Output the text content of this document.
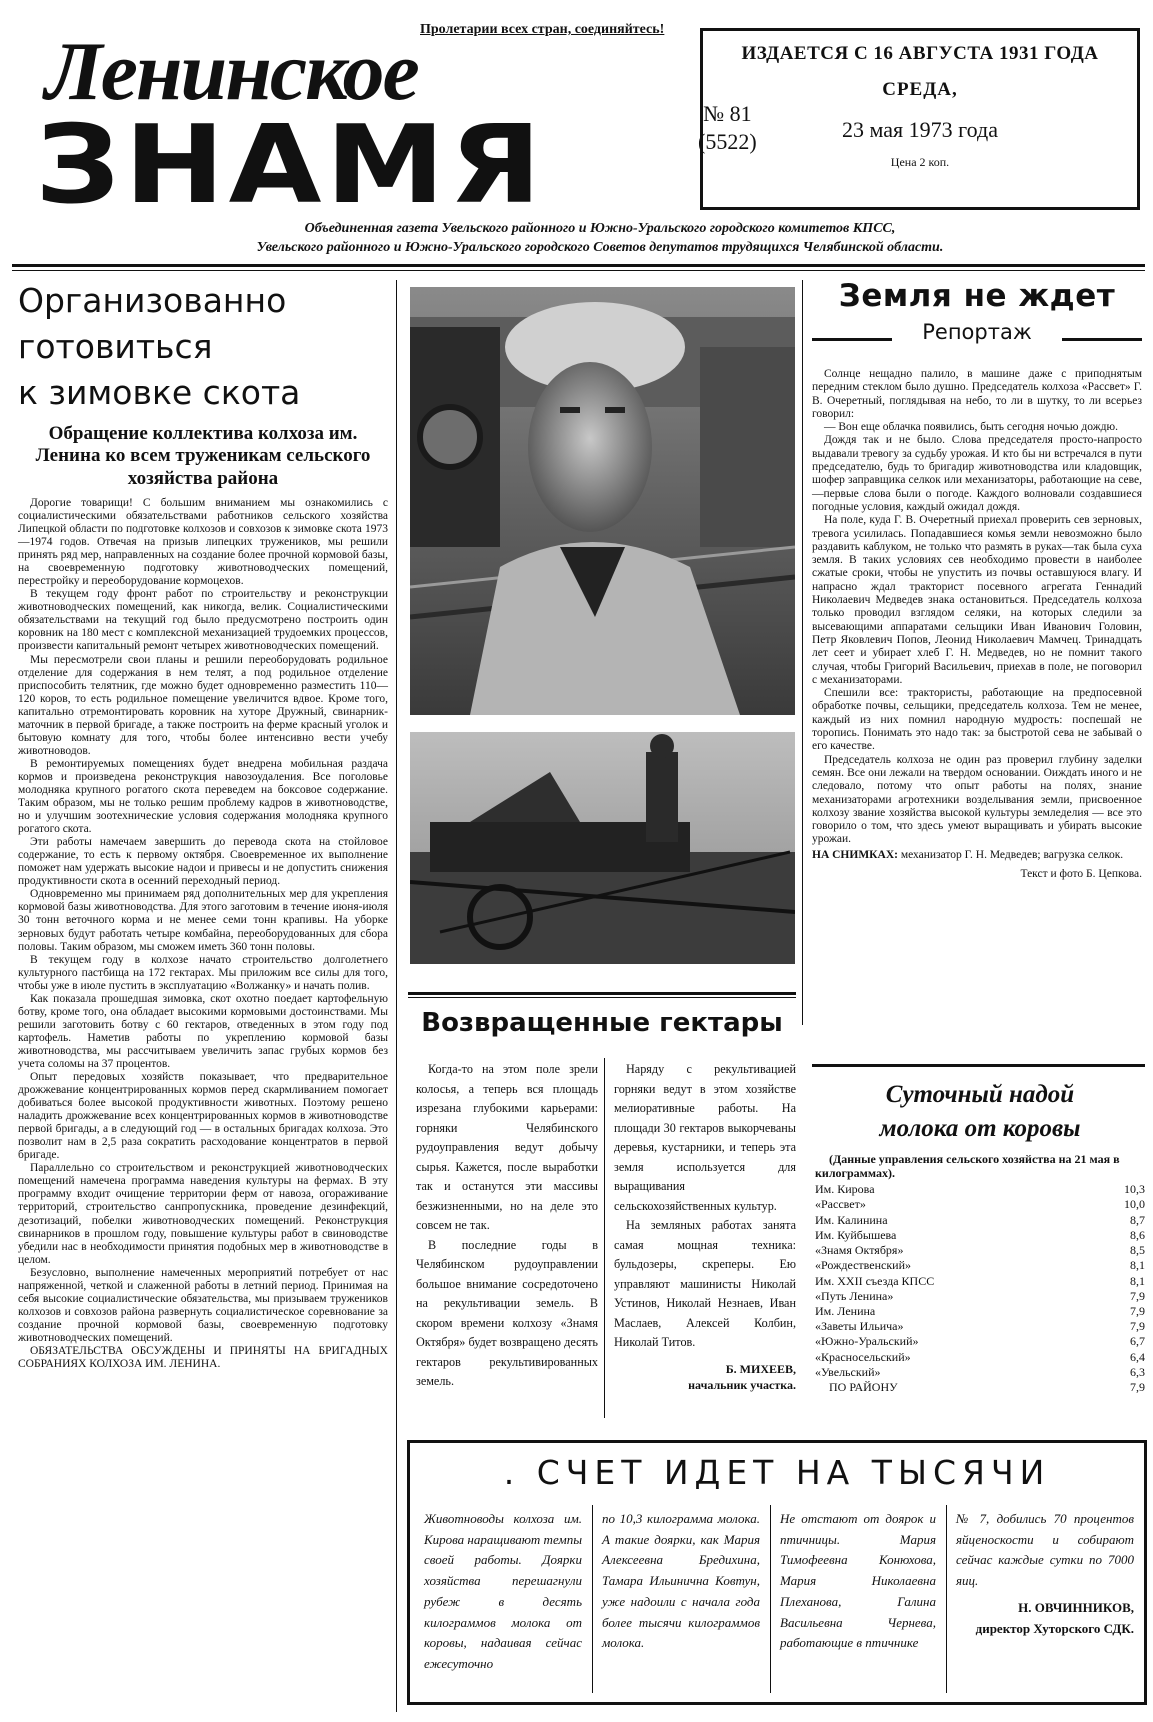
Пролетарии всех стран, соединяйтесь!
Ленинское
ЗНАМЯ	№ 81
(5522)
ИЗДАЕТСЯ С 16 АВГУСТА 1931 ГОДА
СРЕДА,
23 мая 1973 года
Цена 2 коп.
Объединенная газета Увельского районного и Южно-Уральского городского комитетов КПСС,
Увельского районного и Южно-Уральского городского Советов депутатов трудящихся Челябинской области.
Организованно
готовиться
к зимовке скота
Обращение коллектива колхоза им. Ленина ко всем труженикам сельского хозяйства района

Дорогие товарищи! С большим вниманием мы ознакомились с социалистическими обязательствами работников сельского хозяйства Липецкой области по подготовке колхозов и совхозов к зимовке скота 1973—1974 годов. Отвечая на призыв липецких тружеников, мы решили принять ряд мер, направленных на создание более прочной кормовой базы, на своевременную подготовку животноводческих помещений, перестройку и переоборудование кормоцехов.

В текущем году фронт работ по строительству и реконструкции животноводческих помещений, как никогда, велик. Социалистическими обязательствами на текущий год было предусмотрено построить один коровник на 180 мест с комплексной механизацией трудоемких процессов, произвести капитальный ремонт четырех животноводческих помещений.

Мы пересмотрели свои планы и решили переоборудовать родильное отделение для содержания в нем телят, а под родильное отделение приспособить телятник, где можно будет одновременно разместить 110—120 коров, то есть родильное помещение увеличится вдвое. Кроме того, капитально отремонтировать коровник на хуторе Дружный, свинарник-маточник в первой бригаде, а также построить на ферме красный уголок и бытовую комнату для того, чтобы более интенсивно вести учебу животноводов.

В ремонтируемых помещениях будет внедрена мобильная раздача кормов и произведена реконструкция навозоудаления. Все поголовье молодняка крупного рогатого скота переведем на боксовое содержание. Таким образом, мы не только решим проблему кадров в животноводстве, но и улучшим зоотехнические условия содержания молодняка крупного рогатого скота.

Эти работы намечаем завершить до перевода скота на стойловое содержание, то есть к первому октября. Своевременное их выполнение поможет нам удержать высокие надои и привесы и не допустить снижения продуктивности скота в осенний переходный период.

Одновременно мы принимаем ряд дополнительных мер для укрепления кормовой базы животноводства. Для этого заготовим в течение июня-июля 30 тонн веточного корма и не менее семи тонн крапивы. На уборке зерновых будут работать четыре комбайна, переоборудованных для сбора половы. Таким образом, мы сможем иметь 360 тонн половы.

В текущем году в колхозе начато строительство долголетнего культурного пастбища на 172 гектарах. Мы приложим все силы для того, чтобы уже в июле пустить в эксплуатацию «Волжанку» и начать полив.

Как показала прошедшая зимовка, скот охотно поедает картофельную ботву, кроме того, она обладает высокими кормовыми достоинствами. Мы решили заготовить ботву с 60 гектаров, отведенных в этом году под картофель. Наметив работы по укреплению кормовой базы животноводства, мы рассчитываем увеличить запас грубых кормов без учета соломы на 37 процентов.

Опыт передовых хозяйств показывает, что предварительное дрожжевание концентрированных кормов перед скармливанием помогает добиваться более высокой продуктивности животных. Поэтому решено наладить дрожжевание всех концентрированных кормов в животноводстве первой бригады, а в следующий год — в остальных бригадах колхоза. Это позволит нам в 2,5 раза сократить расходование концентратов в первой бригаде.

Параллельно со строительством и реконструкцией животноводческих помещений намечена программа наведения культуры на фермах. В эту программу входит очищение территории ферм от навоза, огораживание территорий, строительство санпропускника, проведение дезинфекций, дезотизаций, побелки животноводческих помещений. Реконструкция свинарников в прошлом году, повышение культуры работ в свиноводстве убедили нас в необходимости принятия подобных мер в животноводстве в целом.

Безусловно, выполнение намеченных мероприятий потребует от нас напряженной, четкой и слаженной работы в летний период. Принимая на себя высокие социалистические обязательства, мы призываем тружеников колхозов и совхозов района развернуть социалистическое соревнование за создание прочной кормовой базы, своевременную подготовку животноводческих помещений.

ОБЯЗАТЕЛЬСТВА ОБСУЖДЕНЫ И ПРИНЯТЫ НА БРИГАДНЫХ СОБРАНИЯХ КОЛХОЗА ИМ. ЛЕНИНА.
Земля не ждет
Репортаж

Солнце нещадно палило, в машине даже с приподнятым передним стеклом было душно. Председатель колхоза «Рассвет» Г. В. Очеретный, поглядывая на небо, то ли в шутку, то ли всерьез говорил:

— Вон еще облачка появились, быть сегодня ночью дождю.

Дождя так и не было. Слова председателя просто-напросто выдавали тревогу за судьбу урожая. И кто бы ни встречался в пути председателю, будь то бригадир животноводства или кладовщик, шофер заправщика селкок или механизаторы, работающие на севе,—первые слова были о погоде. Каждого волновали создавшиеся погодные условия, каждый ожидал дождя.

На поле, куда Г. В. Очеретный приехал проверить сев зерновых, тревога усилилась. Попадавшиеся комья земли невозможно было раздавить каблуком, не только что размять в руках—так была суха земля. В таких условиях сев необходимо провести в наиболее сжатые сроки, чтобы не упустить из почвы оставшуюся влагу. И напрасно ждал тракторист посевного агрегата Геннадий Николаевич Медведев знака остановиться. Председатель колхоза только проводил взглядом селяки, на которых следили за высевающими аппаратами сельщики Иван Иванович Головин, Петр Яковлевич Попов, Леонид Николаевич Мамчец. Тринадцать лет сеет и убирает хлеб Г. Н. Медведев, но не помнит такого случая, чтобы Григорий Васильевич, приехав в поле, не поговорил с механизаторами.

Спешили все: трактористы, работающие на предпосевной обработке почвы, сельщики, председатель колхоза. Тем не менее, каждый из них помнил народную мудрость: поспешай не торопись. Понимать это надо так: за быстротой сева не забывай о его качестве.

Председатель колхоза не один раз проверил глубину заделки семян. Все они лежали на твердом основании. Оиждать иного и не следовало, потому что опыт работы на полях, знание механизаторами агротехники возделывания земли, присвоенное колхозу звание хозяйства высокой культуры земледелия — все это говорило о том, что здесь умеют выращивать и убирать высокие урожаи.

НА СНИМКАХ: механизатор Г. Н. Медведев; вагрузка селкок.

Текст и фото Б. Цепкова.

Возвращенные гектары

Когда-то на этом поле зрели колосья, а теперь вся площадь изрезана глубокими карьерами: горняки Челябинского рудоуправления ведут добычу сырья. Кажется, после выработки так и останутся эти массивы безжизненными, но на деле это совсем не так.

В последние годы в Челябинском рудоуправлении большое внимание сосредоточено на рекультивации земель. В скором времени колхозу «Знамя Октября» будет возвращено десять гектаров рекультивированных земель.

Наряду с рекультивацией горняки ведут в этом хозяйстве мелиоративные работы. На площади 30 гектаров выкорчеваны деревья, кустарники, и теперь эта земля используется для выращивания сельскохозяйственных культур.

На земляных работах занята самая мощная техника: бульдозеры, скреперы. Ею управляют машинисты Николай Устинов, Николай Незнаев, Иван Маслаев, Алексей Колбин, Николай Титов.

Б. МИХЕЕВ,

начальник участка.

Суточный надой
молока от коровы
(Данные управления сельского хозяйства на 21 мая в килограммах).
Им. Кирова	10,3
«Рассвет»	10,0
Им. Калинина	8,7
Им. Куйбышева	8,6
«Знамя Октября»	8,5
«Рождественский»	8,1
Им. XXII съезда КПСС	8,1
«Путь Ленина»	7,9
Им. Ленина	7,9
«Заветы Ильича»	7,9
«Южно-Уральский»	6,7
«Красносельский»	6,4
«Увельский»	6,3
ПО РАЙОНУ	7,9
. СЧЕТ ИДЕТ НА ТЫСЯЧИ
Животноводы колхоза им. Кирова наращивают темпы своей работы. Доярки хозяйства перешагнули рубеж в десять килограммов молока от коровы, надаивая сейчас ежесуточно
по 10,3 килограмма молока. А такие доярки, как Мария Алексеевна Бредихина, Тамара Ильинична Ковтун, уже надоили с начала года более тысячи килограммов молока.
Не отстают от доярок и птичницы. Мария Тимофеевна Конюхова, Мария Николаевна Плеханова, Галина Васильевна Чернева, работающие в птичнике
№ 7, добились 70 процентов яйценоскости и собирают сейчас каждые сутки по 7000 яиц.
Н. ОВЧИННИКОВ,
директор Хуторского СДК.
